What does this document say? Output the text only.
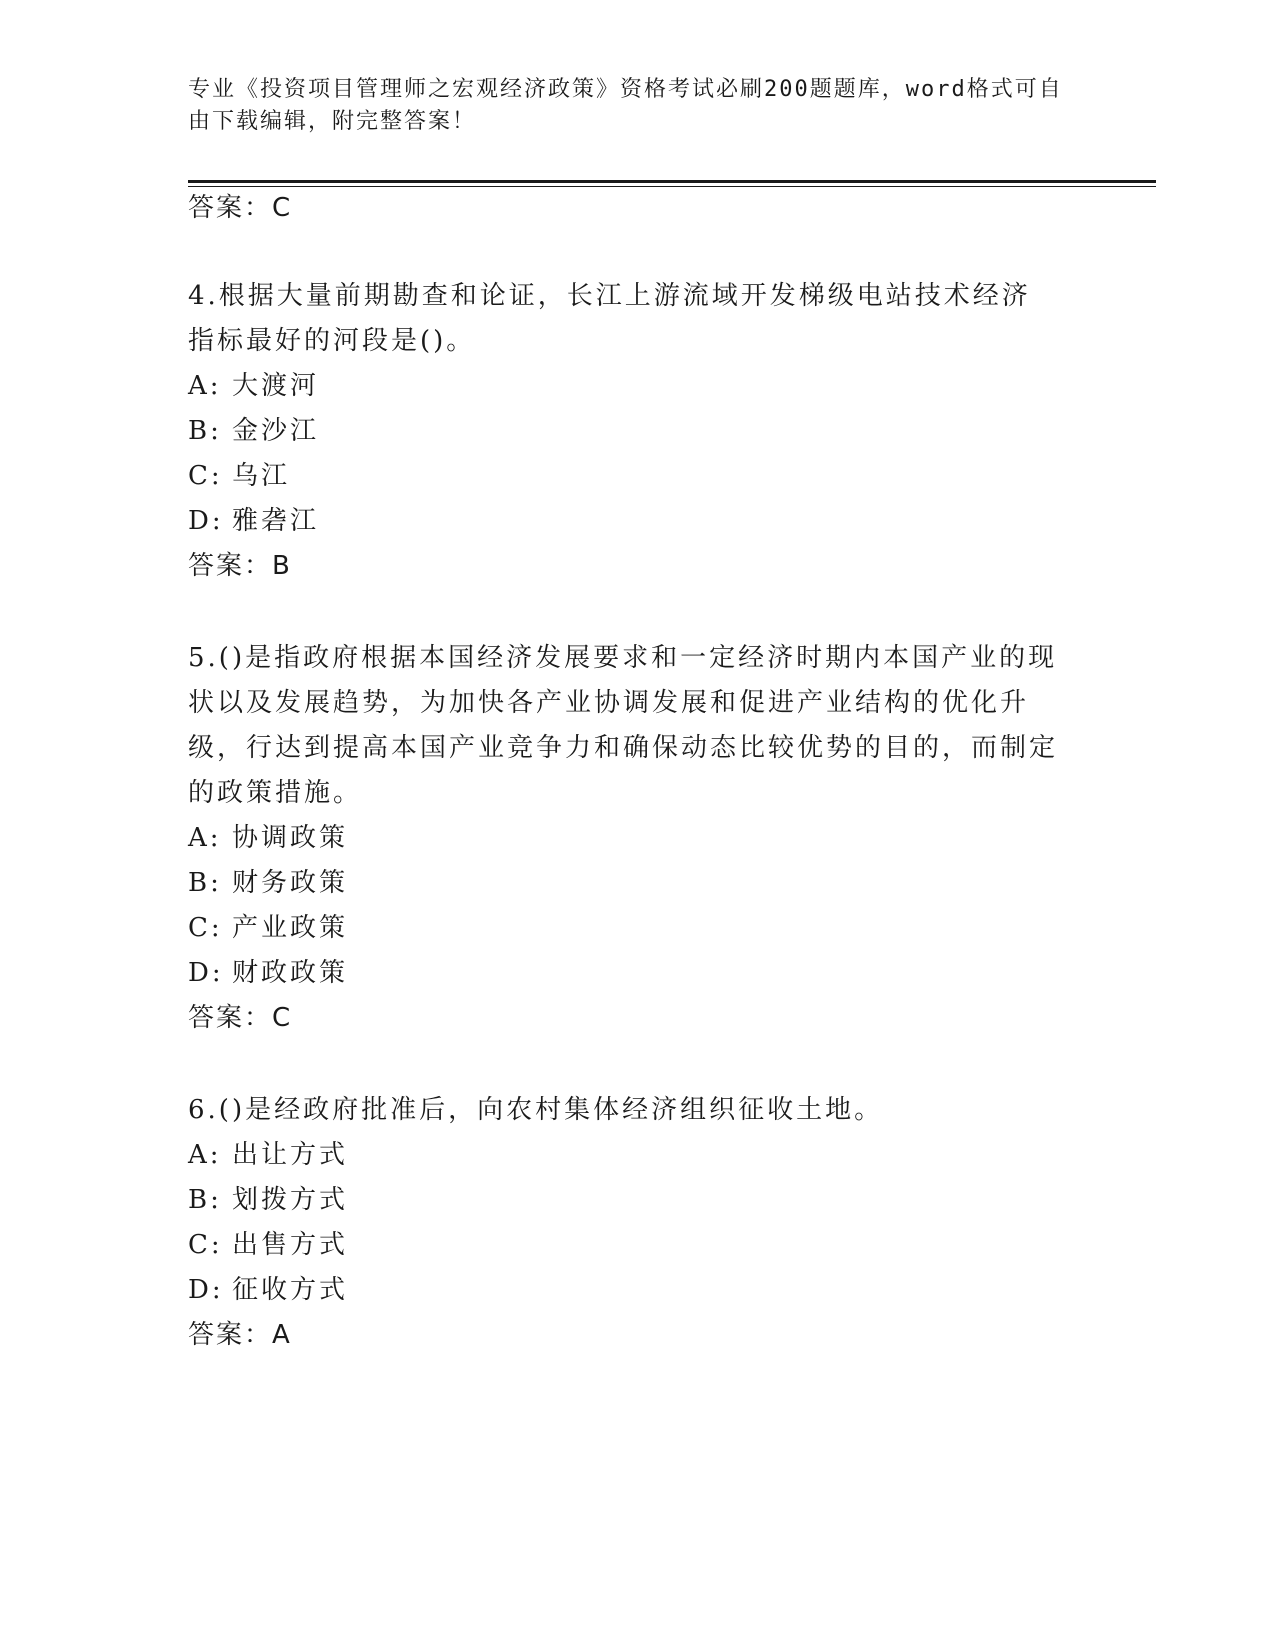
专业《投资项目管理师之宏观经济政策》资格考试必刷200题题库，word格式可自由下载编辑，附完整答案！
答案：C
4.根据大量前期勘查和论证，长江上游流域开发梯级电站技术经济指标最好的河段是()。
A: 大渡河
B: 金沙江
C: 乌江
D: 雅砻江
答案：B
5.()是指政府根据本国经济发展要求和一定经济时期内本国产业的现状以及发展趋势，为加快各产业协调发展和促进产业结构的优化升级，行达到提高本国产业竞争力和确保动态比较优势的目的，而制定的政策措施。
A: 协调政策
B: 财务政策
C: 产业政策
D: 财政政策
答案：C
6.()是经政府批准后，向农村集体经济组织征收土地。
A: 出让方式
B: 划拨方式
C: 出售方式
D: 征收方式
答案：A
